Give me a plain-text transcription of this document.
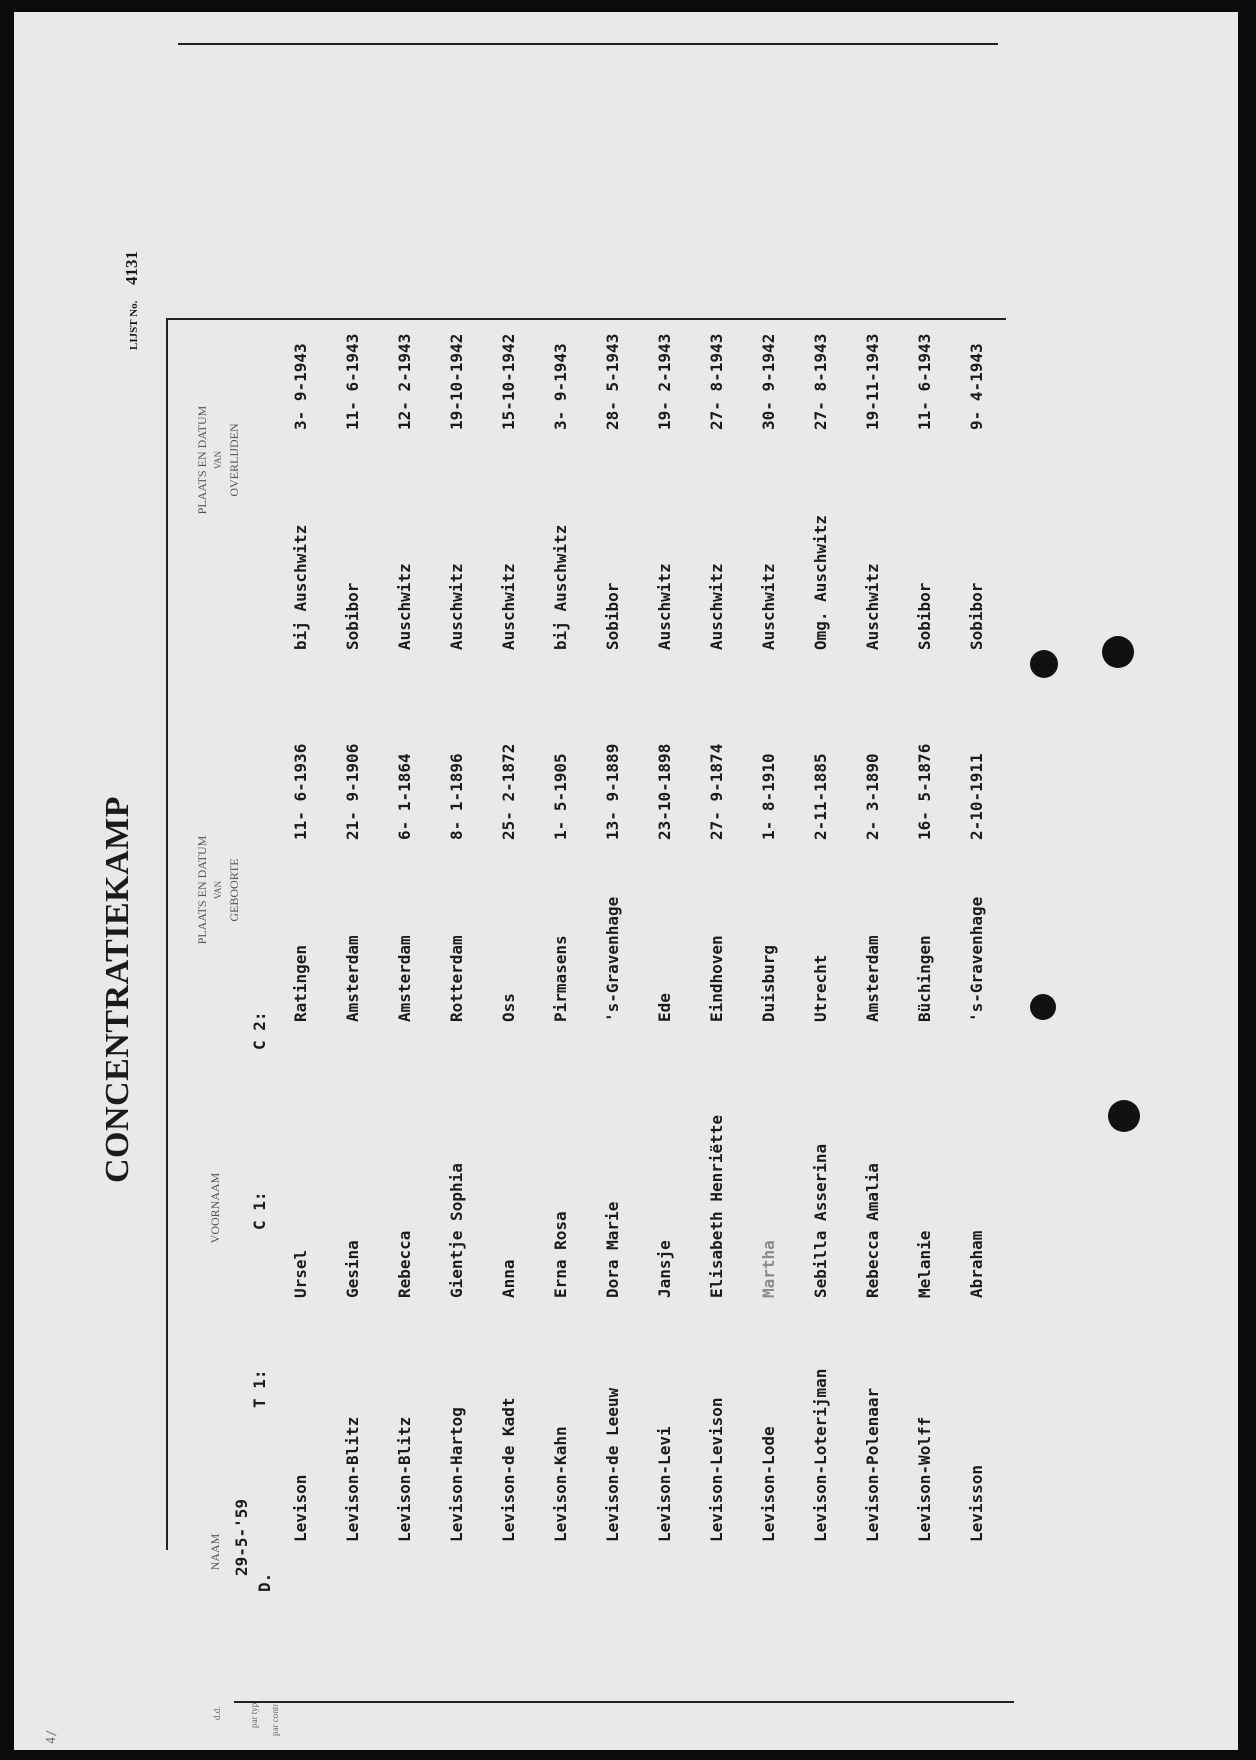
CONCENTRATIEKAMP
LIJST No. 4131
NAAM
VOORNAAM
PLAATS EN DATUM VAN GEBOORTE
PLAATS EN DATUM VAN OVERLIJDEN
Levison
Ursel
Ratingen
11- 6-1936
bij Auschwitz
3- 9-1943
Levison-Blitz
Gesina
Amsterdam
21- 9-1906
Sobibor
11- 6-1943
Levison-Blitz
Rebecca
Amsterdam
6- 1-1864
Auschwitz
12- 2-1943
Levison-Hartog
Gientje Sophia
Rotterdam
8- 1-1896
Auschwitz
19-10-1942
Levison-de Kadt
Anna
Oss
25- 2-1872
Auschwitz
15-10-1942
Levison-Kahn
Erna Rosa
Pirmasens
1- 5-1905
bij Auschwitz
3- 9-1943
Levison-de Leeuw
Dora Marie
's-Gravenhage
13- 9-1889
Sobibor
28- 5-1943
Levison-Levi
Jansje
Ede
23-10-1898
Auschwitz
19- 2-1943
Levison-Levison
Elisabeth Henriëtte
Eindhoven
27- 9-1874
Auschwitz
27- 8-1943
Levison-Lode
Martha
Duisburg
1- 8-1910
Auschwitz
30- 9-1942
Levison-Loterijman
Sebilla Asserina
Utrecht
2-11-1885
Omg. Auschwitz
27- 8-1943
Levison-Polenaar
Rebecca Amalia
Amsterdam
2- 3-1890
Auschwitz
19-11-1943
Levison-Wolff
Melanie
Büchingen
16- 5-1876
Sobibor
11- 6-1943
Levisson
Abraham
's-Gravenhage
2-10-1911
Sobibor
9- 4-1943
d.d.	par typ par contr
29-5-'59
D.
T 1:
C 1:
C 2:
4/
